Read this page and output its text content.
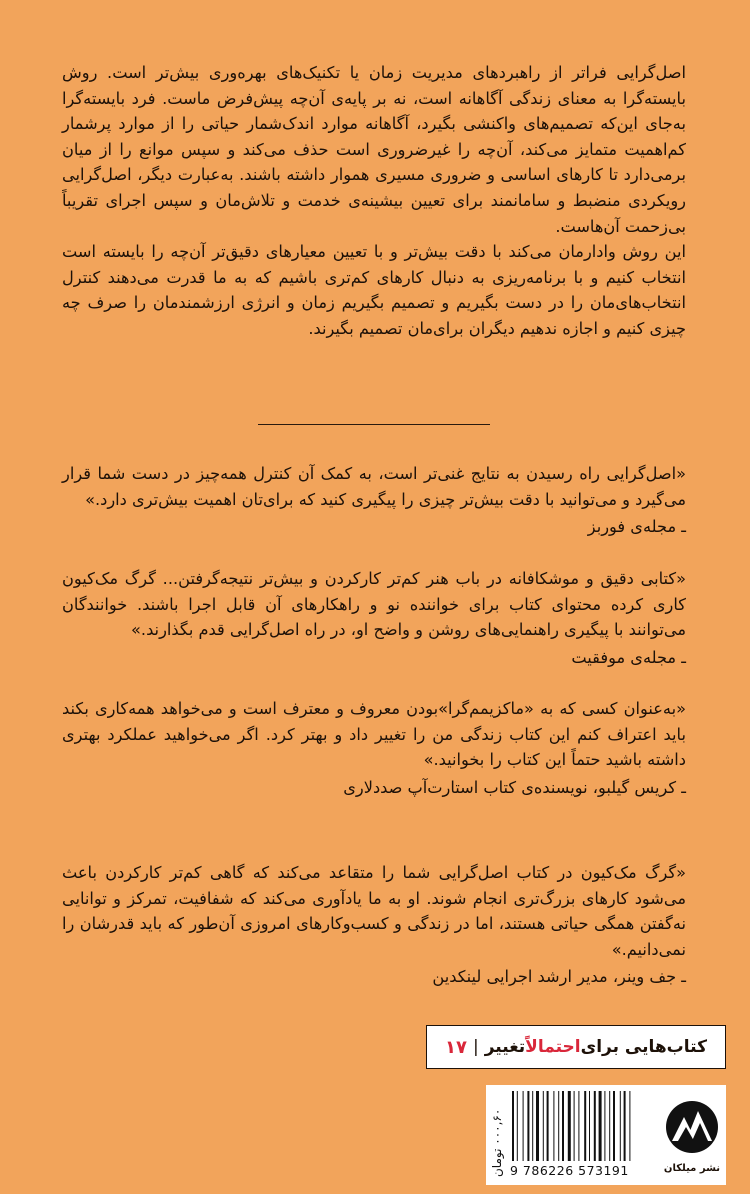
اصل‌گرایی فراتر از راهبردهای مدیریت زمان یا تکنیک‌های بهره‌وری بیش‌تر است. روش بایسته‌گرا به معنای زندگی آگاهانه است، نه بر پایه‌ی آن‌چه پیش‌فرض ماست. فرد بایسته‌گرا به‌جای این‌که تصمیم‌های واکنشی بگیرد، آگاهانه موارد اندک‌شمار حیاتی را از موارد پرشمار کم‌اهمیت متمایز می‌کند، آن‌چه را غیرضروری است حذف می‌کند و سپس موانع را از میان برمی‌دارد تا کارهای اساسی و ضروری مسیری هموار داشته باشند. به‌عبارت دیگر، اصل‌گرایی رویکردی منضبط و سامانمند برای تعیین بیشینه‌ی خدمت و تلاش‌مان و سپس اجرای تقریباً بی‌زحمت آن‌هاست.

این روش وادارمان می‌کند با دقت بیش‌تر و با تعیین معیارهای دقیق‌تر آن‌چه را بایسته است انتخاب کنیم و با برنامه‌ریزی به دنبال کارهای کم‌تری باشیم که به ما قدرت می‌دهند کنترل انتخاب‌های‌مان را در دست بگیریم و تصمیم بگیریم زمان و انرژی ارزشمندمان را صرف چه چیزی کنیم و اجازه ندهیم دیگران برای‌مان تصمیم بگیرند.

«اصل‌گرایی راه رسیدن به نتایج غنی‌تر است، به کمک آن کنترل همه‌چیز در دست شما قرار می‌گیرد و می‌توانید با دقت بیش‌تر چیزی را پیگیری کنید که برای‌تان اهمیت بیش‌تری دارد.»

ـ مجله‌ی فوربز

«کتابی دقیق و موشکافانه در باب هنر کم‌تر کارکردن و بیش‌تر نتیجه‌گرفتن... گرگ مک‌کیون کاری کرده محتوای کتاب برای خواننده نو و راهکارهای آن قابل اجرا باشند. خوانندگان می‌توانند با پیگیری راهنمایی‌های روشن و واضح او، در راه اصل‌گرایی قدم بگذارند.»

ـ مجله‌ی موفقیت

«به‌عنوان کسی که به «ماکزیمم‌گرا»بودن معروف و معترف است و می‌خواهد همه‌کاری بکند باید اعتراف کنم این کتاب زندگی من را تغییر داد و بهتر کرد. اگر می‌خواهید عملکرد بهتری داشته باشید حتماً این کتاب را بخوانید.»

ـ کریس گیلبو، نویسنده‌ی کتاب استارت‌آپ صددلاری

«گرگ مک‌کیون در کتاب اصل‌گرایی شما را متقاعد می‌کند که گاهی کم‌تر کارکردن باعث می‌شود کارهای بزرگ‌تری انجام شوند. او به ما یادآوری می‌کند که شفافیت، تمرکز و توانایی نه‌گفتن همگی حیاتی هستند، اما در زندگی و کسب‌وکارهای امروزی آن‌طور که باید قدرشان را نمی‌دانیم.»

ـ جف وینر، مدیر ارشد اجرایی لینکدین

کتاب‌هایی برای
احتمالاً
تغییر
|
۱۷
۰۰۰,۶۰ تومان
9 786226 573191	نشر میلکان
